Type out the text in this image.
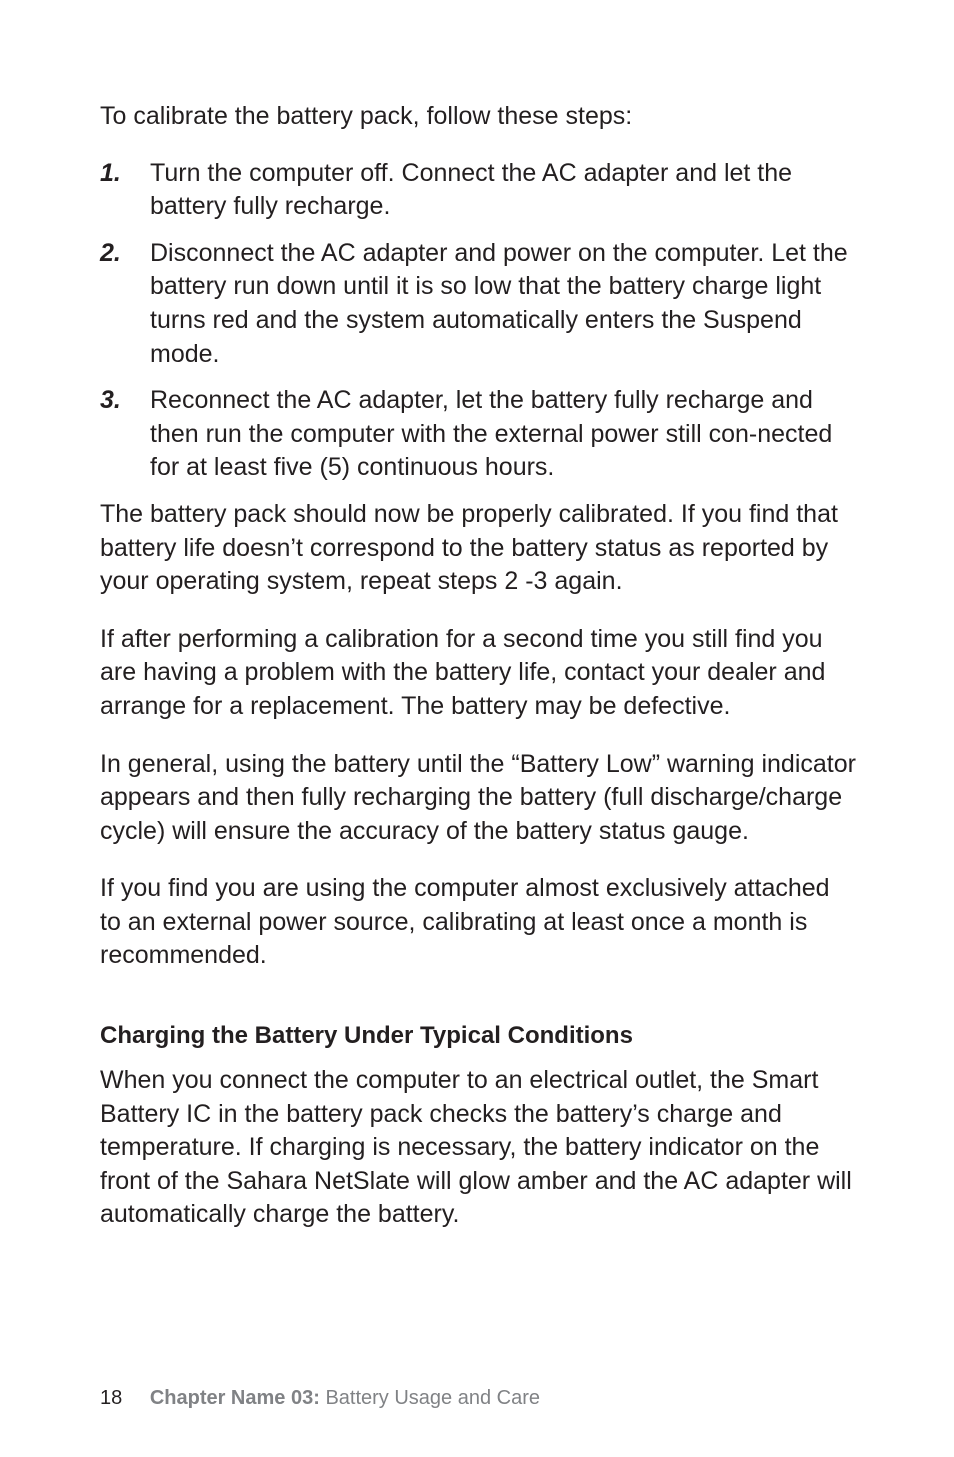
To calibrate the battery pack, follow these steps:

1.	Turn the computer off. Connect the AC adapter and let the battery fully recharge.
2.	Disconnect the AC adapter and power on the computer. Let the battery run down until it is so low that the battery charge light turns red and the system automatically enters the Suspend mode.
3.	Reconnect the AC adapter, let the battery fully recharge and then run the computer with the external power still con-nected for at least five (5) continuous hours.

The battery pack should now be properly calibrated. If you find that battery life doesn’t correspond to the battery status as reported by your operating system, repeat steps 2 -3 again.

If after performing a calibration for a second time you still find you are having a problem with the battery life, contact your dealer and arrange for a replacement. The battery may be defective.

In general, using the battery until the “Battery Low” warning indicator appears and then fully recharging the battery (full discharge/charge cycle) will ensure the accuracy of the battery status gauge.

If you find you are using the computer almost exclusively attached to an external power source, calibrating at least once a month is recommended.

Charging the Battery Under Typical Conditions

When you connect the computer to an electrical outlet, the Smart Battery IC in the battery pack checks the battery’s charge and temperature. If charging is necessary, the battery indicator on the front of the Sahara NetSlate will glow amber and the AC adapter will automatically charge the battery.

18 Chapter Name 03: Battery Usage and Care
